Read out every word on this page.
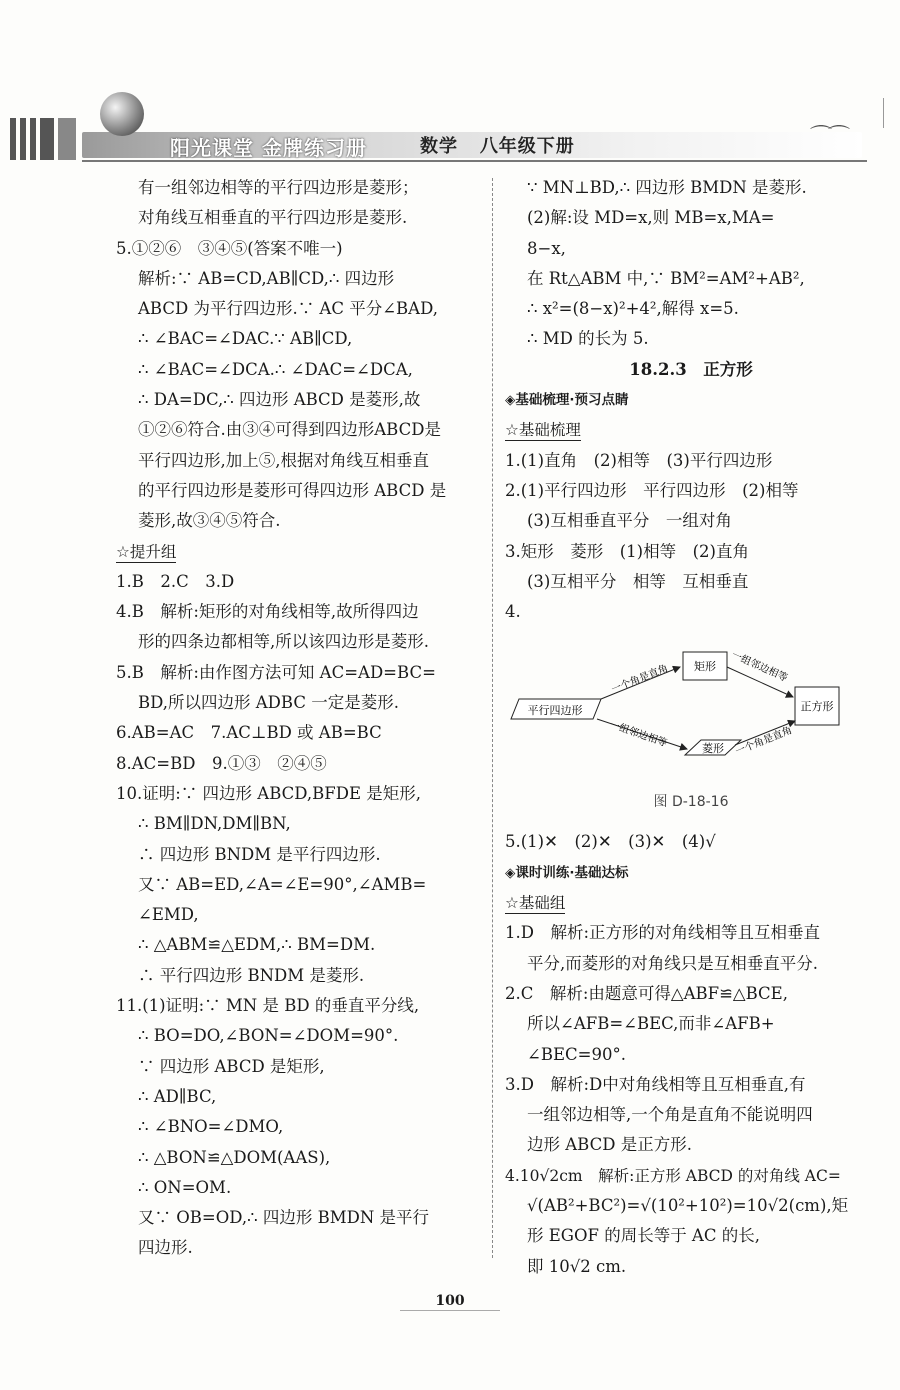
阳光课堂 金牌练习册	数学 八年级下册	⌒⌒
有一组邻边相等的平行四边形是菱形；
对角线互相垂直的平行四边形是菱形.
5.①②⑥　③④⑤(答案不唯一)
解析:∵ AB=CD,AB∥CD,∴ 四边形
ABCD 为平行四边形.∵ AC 平分∠BAD,
∴ ∠BAC=∠DAC.∵ AB∥CD,
∴ ∠BAC=∠DCA.∴ ∠DAC=∠DCA,
∴ DA=DC,∴ 四边形 ABCD 是菱形,故
①②⑥符合.由③④可得到四边形ABCD是
平行四边形,加上⑤,根据对角线互相垂直
的平行四边形是菱形可得四边形 ABCD 是
菱形,故③④⑤符合.
☆提升组
1.B　2.C　3.D
4.B　解析:矩形的对角线相等,故所得四边
形的四条边都相等,所以该四边形是菱形.
5.B　解析:由作图方法可知 AC=AD=BC=
BD,所以四边形 ADBC 一定是菱形.
6.AB=AC　7.AC⊥BD 或 AB=BC
8.AC=BD　9.①③　②④⑤
10.证明:∵ 四边形 ABCD,BFDE 是矩形,
∴ BM∥DN,DM∥BN,
∴ 四边形 BNDM 是平行四边形.
又∵ AB=ED,∠A=∠E=90°,∠AMB=
∠EMD,
∴ △ABM≌△EDM,∴ BM=DM.
∴ 平行四边形 BNDM 是菱形.
11.(1)证明:∵ MN 是 BD 的垂直平分线,
∴ BO=DO,∠BON=∠DOM=90°.
∵ 四边形 ABCD 是矩形,
∴ AD∥BC,
∴ ∠BNO=∠DMO,
∴ △BON≌△DOM(AAS),
∴ ON=OM.
又∵ OB=OD,∴ 四边形 BMDN 是平行
四边形.
∵ MN⊥BD,∴ 四边形 BMDN 是菱形.
(2)解:设 MD=x,则 MB=x,MA=
8−x,
在 Rt△ABM 中,∵ BM²=AM²+AB²,
∴ x²=(8−x)²+4²,解得 x=5.
∴ MD 的长为 5.
18.2.3　正方形
◈基础梳理·预习点睛
☆基础梳理
1.(1)直角　(2)相等　(3)平行四边形
2.(1)平行四边形　平行四边形　(2)相等
(3)互相垂直平分　一组对角
3.矩形　菱形　(1)相等　(2)直角
(3)互相平分　相等　互相垂直
4.
平行四边形
矩形
菱形
正方形
一个角是直角	一组邻边相等
一组邻边相等	一个角是直角
图 D-18-16
5.(1)✕　(2)✕　(3)✕　(4)√
◈课时训练·基础达标
☆基础组
1.D　解析:正方形的对角线相等且互相垂直
平分,而菱形的对角线只是互相垂直平分.
2.C　解析:由题意可得△ABF≌△BCE,
所以∠AFB=∠BEC,而非∠AFB+
∠BEC=90°.
3.D　解析:D中对角线相等且互相垂直,有
一组邻边相等,一个角是直角不能说明四
边形 ABCD 是正方形.
4.10√2cm　解析:正方形 ABCD 的对角线 AC=
√(AB²+BC²)=√(10²+10²)=10√2(cm),矩
形 EGOF 的周长等于 AC 的长,
即 10√2 cm.
100
